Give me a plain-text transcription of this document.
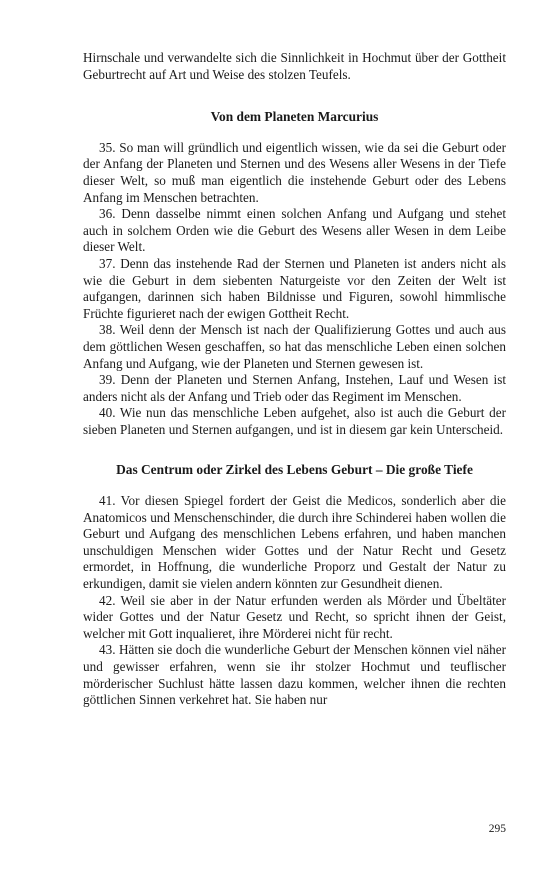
Hirnschale und verwandelte sich die Sinnlichkeit in Hochmut über der Gottheit Geburtrecht auf Art und Weise des stolzen Teufels.

Von dem Planeten Marcurius

35. So man will gründlich und eigentlich wissen, wie da sei die Geburt oder der Anfang der Planeten und Sternen und des Wesens aller Wesens in der Tiefe dieser Welt, so muß man eigentlich die instehende Geburt oder des Lebens Anfang im Menschen betrachten.

36. Denn dasselbe nimmt einen solchen Anfang und Aufgang und stehet auch in solchem Orden wie die Geburt des Wesens aller Wesen in dem Leibe dieser Welt.

37. Denn das instehende Rad der Sternen und Planeten ist anders nicht als wie die Geburt in dem siebenten Naturgeiste vor den Zeiten der Welt ist aufgangen, darinnen sich haben Bildnisse und Figuren, sowohl himmlische Früchte figurieret nach der ewigen Gottheit Recht.

38. Weil denn der Mensch ist nach der Qualifizierung Gottes und auch aus dem göttlichen Wesen geschaffen, so hat das menschliche Leben einen solchen Anfang und Aufgang, wie der Planeten und Sternen gewesen ist.

39. Denn der Planeten und Sternen Anfang, Instehen, Lauf und Wesen ist anders nicht als der Anfang und Trieb oder das Regiment im Menschen.

40. Wie nun das menschliche Leben aufgehet, also ist auch die Geburt der sieben Planeten und Sternen aufgangen, und ist in diesem gar kein Unterscheid.

Das Centrum oder Zirkel des Lebens Geburt – Die große Tiefe

41. Vor diesen Spiegel fordert der Geist die Medicos, sonderlich aber die Anatomicos und Menschenschinder, die durch ihre Schinderei haben wollen die Geburt und Aufgang des menschlichen Lebens erfahren, und haben manchen unschuldigen Menschen wider Gottes und der Natur Recht und Gesetz ermordet, in Hoffnung, die wunderliche Proporz und Gestalt der Natur zu erkundigen, damit sie vielen andern könnten zur Gesundheit dienen.

42. Weil sie aber in der Natur erfunden werden als Mörder und Übeltäter wider Gottes und der Natur Gesetz und Recht, so spricht ihnen der Geist, welcher mit Gott inqualieret, ihre Mörderei nicht für recht.

43. Hätten sie doch die wunderliche Geburt der Menschen können viel näher und gewisser erfahren, wenn sie ihr stolzer Hochmut und teuflischer mörderischer Suchlust hätte lassen dazu kommen, welcher ihnen die rechten göttlichen Sinnen verkehret hat. Sie haben nur

295
